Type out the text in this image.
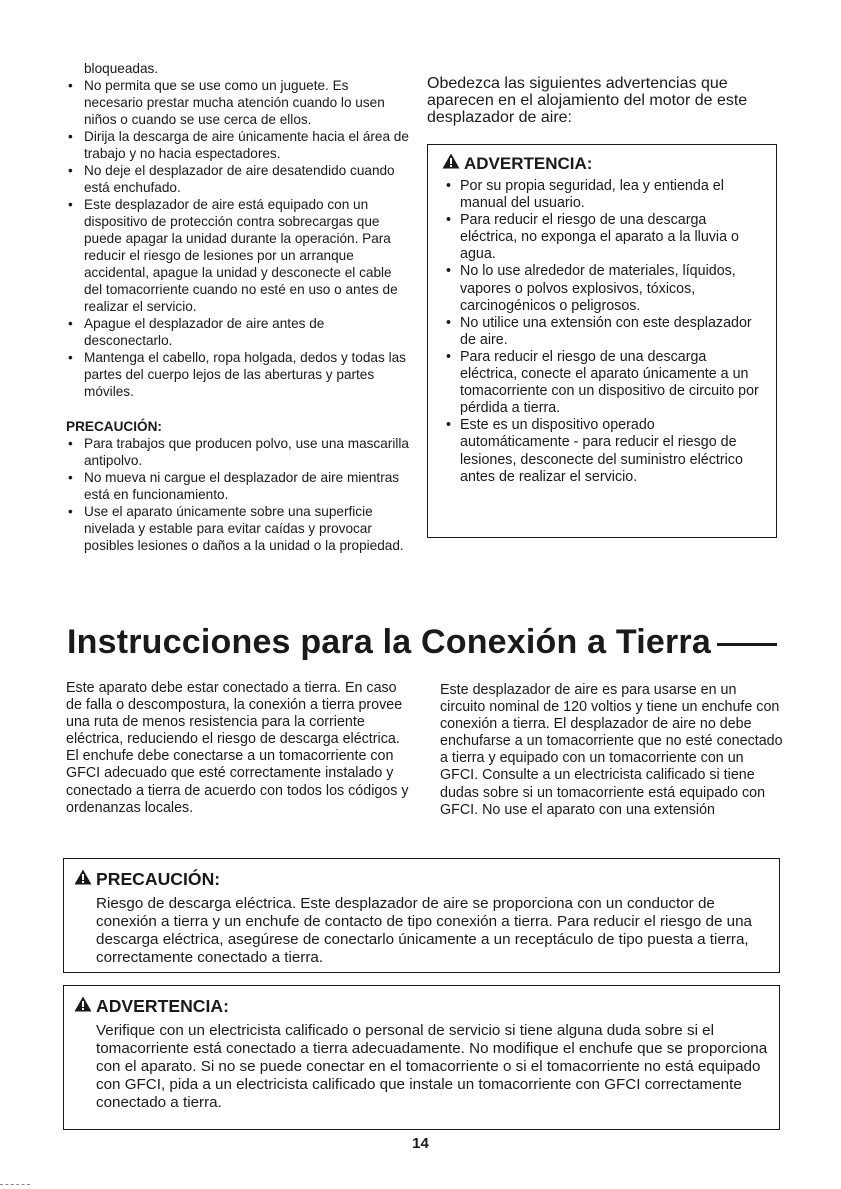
bloqueadas.
• No permita que se use como un juguete. Es necesario prestar mucha atención cuando lo usen niños o cuando se use cerca de ellos.
• Dirija la descarga de aire únicamente hacia el área de trabajo y no hacia espectadores.
• No deje el desplazador de aire desatendido cuando está enchufado.
• Este desplazador de aire está equipado con un dispositivo de protección contra sobrecargas que puede apagar la unidad durante la operación. Para reducir el riesgo de lesiones por un arranque accidental, apague la unidad y desconecte el cable del tomacorriente cuando no esté en uso o antes de realizar el servicio.
• Apague el desplazador de aire antes de desconectarlo.
• Mantenga el cabello, ropa holgada, dedos y todas las partes del cuerpo lejos de las aberturas y partes móviles.
PRECAUCIÓN:
• Para trabajos que producen polvo, use una mascarilla antipolvo.
• No mueva ni cargue el desplazador de aire mientras está en funcionamiento.
• Use el aparato únicamente sobre una superficie nivelada y estable para evitar caídas y provocar posibles lesiones o daños a la unidad o la propiedad.
Obedezca las siguientes advertencias que aparecen en el alojamiento del motor de este desplazador de aire:
ADVERTENCIA:
• Por su propia seguridad, lea y entienda el manual del usuario.
• Para reducir el riesgo de una descarga eléctrica, no exponga el aparato a la lluvia o agua.
• No lo use alrededor de materiales, líquidos, vapores o polvos explosivos, tóxicos, carcinogénicos o peligrosos.
• No utilice una extensión con este desplazador de aire.
• Para reducir el riesgo de una descarga eléctrica, conecte el aparato únicamente a un tomacorriente con un dispositivo de circuito por pérdida a tierra.
• Este es un dispositivo operado automáticamente - para reducir el riesgo de lesiones, desconecte del suministro eléctrico antes de realizar el servicio.
Instrucciones para la Conexión a Tierra
Este aparato debe estar conectado a tierra. En caso de falla o descompostura, la conexión a tierra provee una ruta de menos resistencia para la corriente eléctrica, reduciendo el riesgo de descarga eléctrica. El enchufe debe conectarse a un tomacorriente con GFCI adecuado que esté correctamente instalado y conectado a tierra de acuerdo con todos los códigos y ordenanzas locales.
Este desplazador de aire es para usarse en un circuito nominal de 120 voltios y tiene un enchufe con conexión a tierra. El desplazador de aire no debe enchufarse a un tomacorriente que no esté conectado a tierra y equipado con un tomacorriente con un GFCI. Consulte a un electricista calificado si tiene dudas sobre si un tomacorriente está equipado con GFCI. No use el aparato con una extensión
PRECAUCIÓN:
Riesgo de descarga eléctrica. Este desplazador de aire se proporciona con un conductor de conexión a tierra y un enchufe de contacto de tipo conexión a tierra. Para reducir el riesgo de una descarga eléctrica, asegúrese de conectarlo únicamente a un receptáculo de tipo puesta a tierra, correctamente conectado a tierra.
ADVERTENCIA:
Verifique con un electricista calificado o personal de servicio si tiene alguna duda sobre si el tomacorriente está conectado a tierra adecuadamente. No modifique el enchufe que se proporciona con el aparato. Si no se puede conectar en el tomacorriente o si el tomacorriente no está equipado con GFCI, pida a un electricista calificado que instale un tomacorriente con GFCI correctamente conectado a tierra.
14
